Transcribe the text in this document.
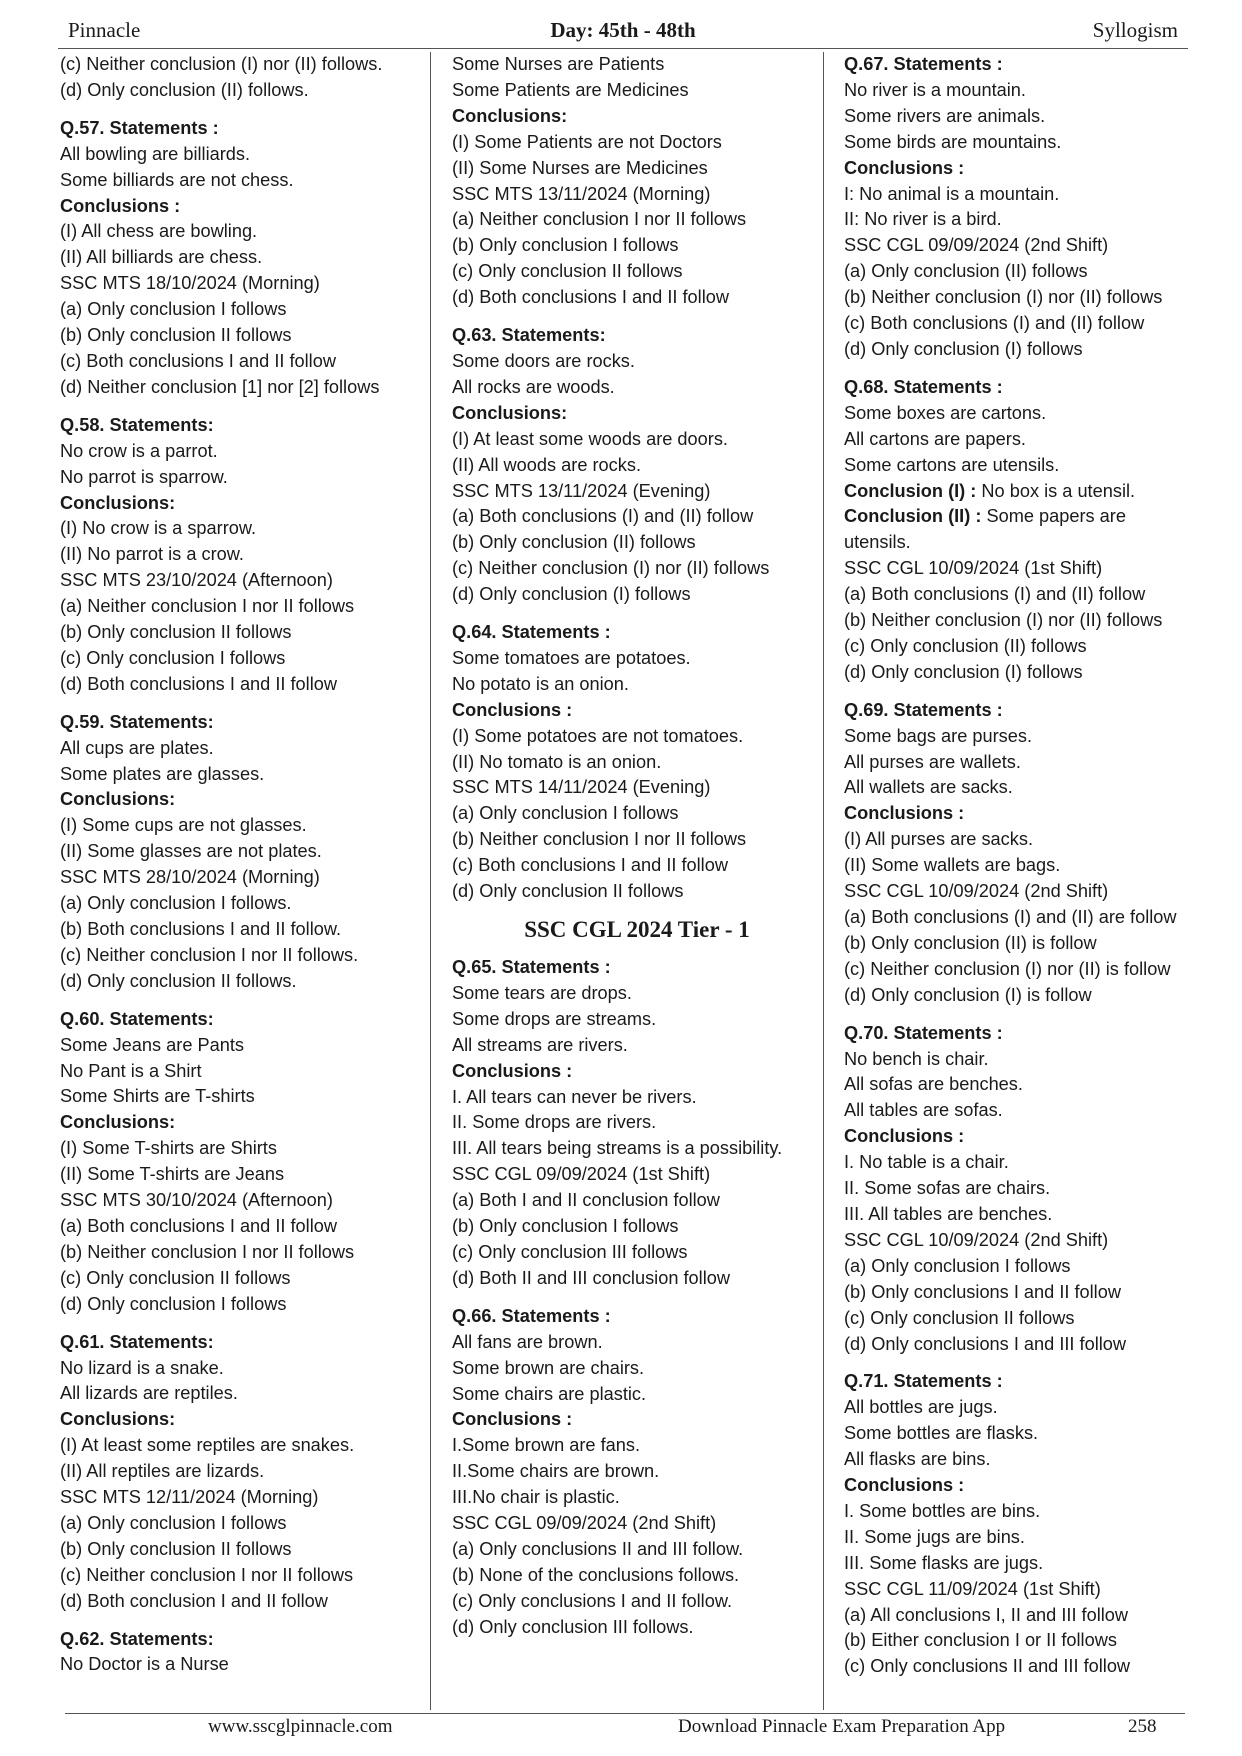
Pinnacle	Day: 45th - 48th	Syllogism
(c) Neither conclusion (I) nor (II) follows.
(d) Only conclusion (II) follows.
Q.57. Statements :
All bowling are billiards.
Some billiards are not chess.
Conclusions :
(I) All chess are bowling.
(II) All billiards are chess.
SSC MTS 18/10/2024 (Morning)
(a) Only conclusion I follows
(b) Only conclusion II follows
(c) Both conclusions I and II follow
(d) Neither conclusion [1] nor [2] follows
Q.58. Statements:
No crow is a parrot.
No parrot is sparrow.
Conclusions:
(I) No crow is a sparrow.
(II) No parrot is a crow.
SSC MTS 23/10/2024 (Afternoon)
(a) Neither conclusion I nor II follows
(b) Only conclusion II follows
(c) Only conclusion I follows
(d) Both conclusions I and II follow
Q.59. Statements:
All cups are plates.
Some plates are glasses.
Conclusions:
(I) Some cups are not glasses.
(II) Some glasses are not plates.
SSC MTS 28/10/2024 (Morning)
(a) Only conclusion I follows.
(b) Both conclusions I and II follow.
(c) Neither conclusion I nor II follows.
(d) Only conclusion II follows.
Q.60. Statements:
Some Jeans are Pants
No Pant is a Shirt
Some Shirts are T-shirts
Conclusions:
(I) Some T-shirts are Shirts
(II) Some T-shirts are Jeans
SSC MTS 30/10/2024 (Afternoon)
(a) Both conclusions I and II follow
(b) Neither conclusion I nor II follows
(c) Only conclusion II follows
(d) Only conclusion I follows
Q.61. Statements:
No lizard is a snake.
All lizards are reptiles.
Conclusions:
(I) At least some reptiles are snakes.
(II) All reptiles are lizards.
SSC MTS 12/11/2024 (Morning)
(a) Only conclusion I follows
(b) Only conclusion II follows
(c) Neither conclusion I nor II follows
(d) Both conclusion I and II follow
Q.62. Statements:
No Doctor is a Nurse
Some Nurses are Patients
Some Patients are Medicines
Conclusions:
(I) Some Patients are not Doctors
(II) Some Nurses are Medicines
SSC MTS 13/11/2024 (Morning)
(a) Neither conclusion I nor II follows
(b) Only conclusion I follows
(c) Only conclusion II follows
(d) Both conclusions I and II follow
Q.63. Statements:
Some doors are rocks.
All rocks are woods.
Conclusions:
(I) At least some woods are doors.
(II) All woods are rocks.
SSC MTS 13/11/2024 (Evening)
(a) Both conclusions (I) and (II) follow
(b) Only conclusion (II) follows
(c) Neither conclusion (I) nor (II) follows
(d) Only conclusion (I) follows
Q.64. Statements :
Some tomatoes are potatoes.
No potato is an onion.
Conclusions :
(I) Some potatoes are not tomatoes.
(II) No tomato is an onion.
SSC MTS 14/11/2024 (Evening)
(a) Only conclusion I follows
(b) Neither conclusion I nor II follows
(c) Both conclusions I and II follow
(d) Only conclusion II follows
SSC CGL 2024 Tier - 1
Q.65. Statements :
Some tears are drops.
Some drops are streams.
All streams are rivers.
Conclusions :
I. All tears can never be rivers.
II. Some drops are rivers.
III. All tears being streams is a possibility.
SSC CGL 09/09/2024 (1st Shift)
(a) Both I and II conclusion follow
(b) Only conclusion I follows
(c) Only conclusion III follows
(d) Both II and III conclusion follow
Q.66. Statements :
All fans are brown.
Some brown are chairs.
Some chairs are plastic.
Conclusions :
I.Some brown are fans.
II.Some chairs are brown.
III.No chair is plastic.
SSC CGL 09/09/2024 (2nd Shift)
(a) Only conclusions II and III follow.
(b) None of the conclusions follows.
(c) Only conclusions I and II follow.
(d) Only conclusion III follows.
Q.67. Statements :
No river is a mountain.
Some rivers are animals.
Some birds are mountains.
Conclusions :
I: No animal is a mountain.
II: No river is a bird.
SSC CGL 09/09/2024 (2nd Shift)
(a) Only conclusion (II) follows
(b) Neither conclusion (I) nor (II) follows
(c) Both conclusions (I) and (II) follow
(d) Only conclusion (I) follows
Q.68. Statements :
Some boxes are cartons.
All cartons are papers.
Some cartons are utensils.
Conclusion (I) : No box is a utensil.
Conclusion (II) : Some papers are
utensils.
SSC CGL 10/09/2024 (1st Shift)
(a) Both conclusions (I) and (II) follow
(b) Neither conclusion (I) nor (II) follows
(c) Only conclusion (II) follows
(d) Only conclusion (I) follows
Q.69. Statements :
Some bags are purses.
All purses are wallets.
All wallets are sacks.
Conclusions :
(I) All purses are sacks.
(II) Some wallets are bags.
SSC CGL 10/09/2024 (2nd Shift)
(a) Both conclusions (I) and (II) are follow
(b) Only conclusion (II) is follow
(c) Neither conclusion (I) nor (II) is follow
(d) Only conclusion (I) is follow
Q.70. Statements :
No bench is chair.
All sofas are benches.
All tables are sofas.
Conclusions :
I. No table is a chair.
II. Some sofas are chairs.
III. All tables are benches.
SSC CGL 10/09/2024 (2nd Shift)
(a) Only conclusion I follows
(b) Only conclusions I and II follow
(c) Only conclusion II follows
(d) Only conclusions I and III follow
Q.71. Statements :
All bottles are jugs.
Some bottles are flasks.
All flasks are bins.
Conclusions :
I. Some bottles are bins.
II. Some jugs are bins.
III. Some flasks are jugs.
SSC CGL 11/09/2024 (1st Shift)
(a) All conclusions I, II and III follow
(b) Either conclusion I or II follows
(c) Only conclusions II and III follow
www.sscglpinnacle.com	Download Pinnacle Exam Preparation App	258
